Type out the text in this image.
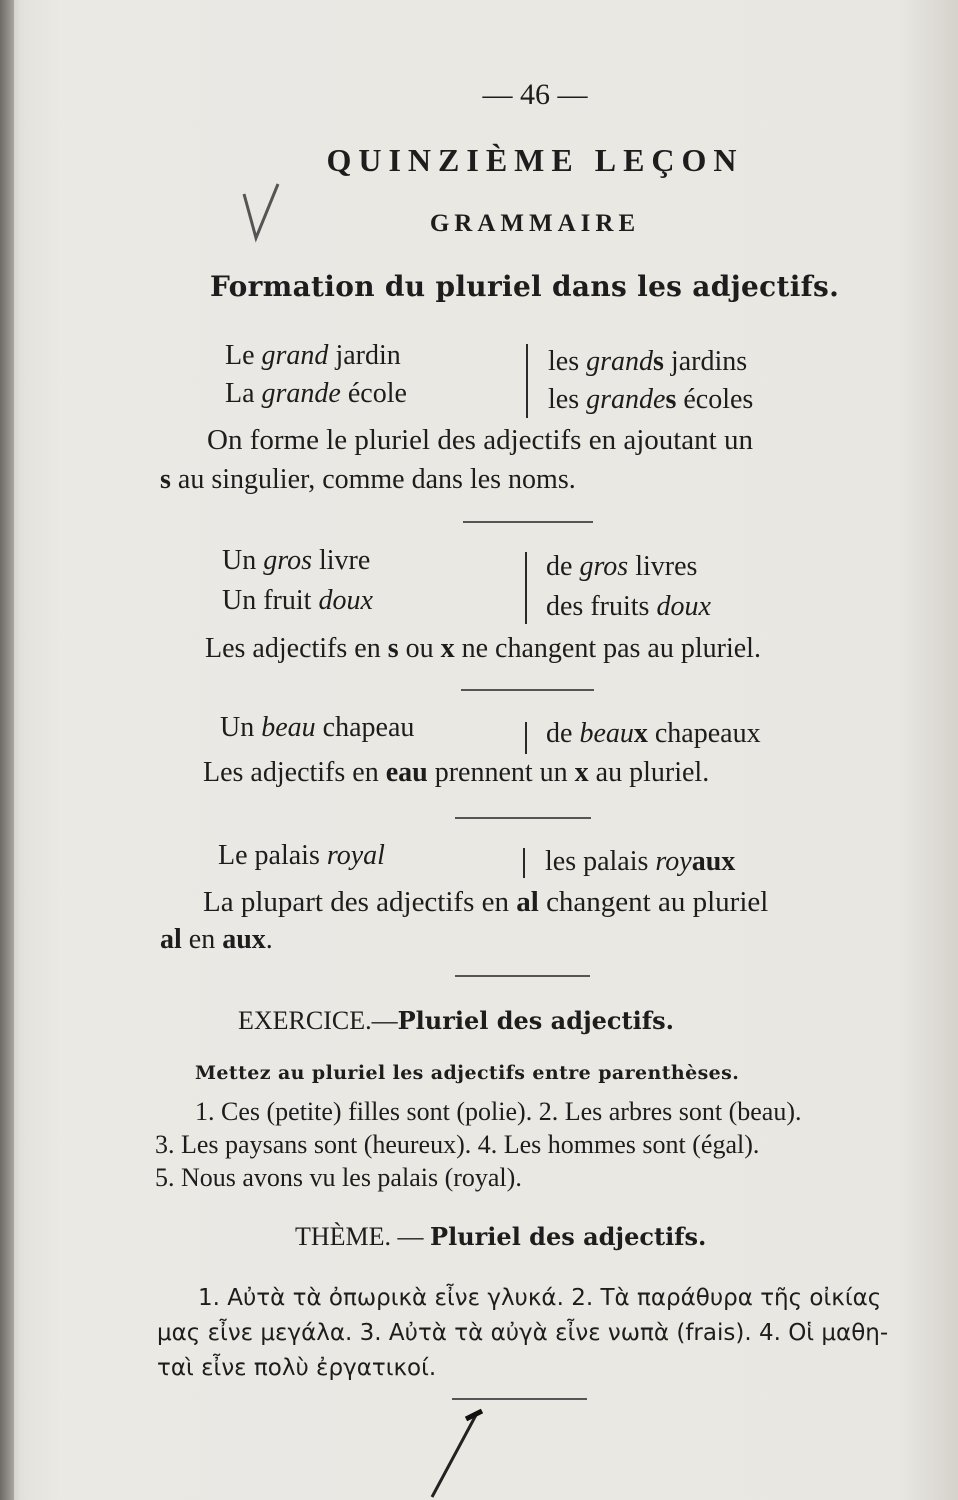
— 46 —
QUINZIÈME LEÇON
GRAMMAIRE
Formation du pluriel dans les adjectifs.
Le grand jardin
La grande école
les grands jardins
les grandes écoles
On forme le pluriel des adjectifs en ajoutant un
s au singulier, comme dans les noms.
Un gros livre
Un fruit doux
de gros livres
des fruits doux
Les adjectifs en s ou x ne changent pas au pluriel.
Un beau chapeau	de beaux chapeaux
Les adjectifs en eau prennent un x au pluriel.
Le palais royal	les palais royaux
La plupart des adjectifs en al changent au pluriel
al en aux.
EXERCICE.—Pluriel des adjectifs.
Mettez au pluriel les adjectifs entre parenthèses.
1. Ces (petite) filles sont (polie). 2. Les arbres sont (beau).
3. Les paysans sont (heureux). 4. Les hommes sont (égal).
5. Nous avons vu les palais (royal).
THÈME. — Pluriel des adjectifs.
1. Αὐτὰ τὰ ὀπωρικὰ εἶνε γλυκά. 2. Τὰ παράθυρα τῆς οἰκίας
μας εἶνε μεγάλα. 3. Αὐτὰ τὰ αὐγὰ εἶνε νωπὰ (frais). 4. Οἱ μαθη-
ταὶ εἶνε πολὺ ἐργατικοί.
